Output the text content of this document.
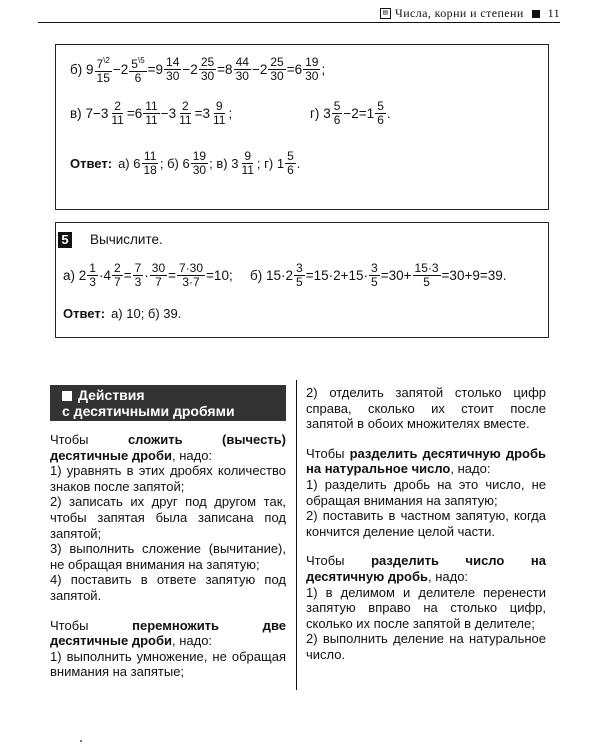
▤ Числа, корни и степени 11
б)
$9 \frac{7^{\backslash 2}}{15} -2 \frac{5^{\backslash 5}}{6} =9 \frac{14}{30} -2 \frac{25}{30} =8 \frac{44}{30} -2 \frac{25}{30} =6 \frac{19}{30}$ ;
в)
$7-3 \frac{2}{11} =6 \frac{11}{11} -3 \frac{2}{11} =3 \frac{9}{11}$ ;	г)
$3 \frac{5}{6} -2=1 \frac{5}{6}$ .
Ответ: а)
$6 \frac{11}{18}$ ;
б)
$6 \frac{19}{30}$ ;
в)
$3 \frac{9}{11}$ ;
г)
$1 \frac{5}{6}$ .
5 Вычислите.
а)
$2 \frac{1}{3} \cdot 4 \frac{2}{7} = \frac{7}{3} \cdot \frac{30}{7} = \frac{7\cdot 30}{3\cdot 7} =10$; б)
$15\cdot 2 \frac{3}{5} =15\cdot 2+15\cdot \frac{3}{5} =30+ \frac{15\cdot 3}{5} =30+9=39$.
Ответ: а) 10; б) 39.
Действия
с десятичными дробями

Чтобы	сложить (вычесть) десятичные дроби, надо:
1) уравнять в этих дробях количество знаков после запятой;
2) записать их друг под другом так, чтобы запятая была записана под запятой;
3) выполнить сложение (вычитание), не обращая внимания на запятую;
4) поставить в ответе запятую под запятой.

Чтобы	перемножить две десятичные дроби, надо:
1) выполнить умножение, не обращая внимания на запятые;

2) отделить запятой столько цифр справа, сколько их стоит после запятой в обоих множителях вместе.

Чтобы разделить десятичную дробь на натуральное число, надо:
1) разделить дробь на это число, не обращая внимания на запятую;
2) поставить в частном запятую, когда кончится деление целой части.

Чтобы разделить число на десятичную дробь, надо:
1) в делимом и делителе перенести запятую вправо на столько цифр, сколько их после запятой в делителе;
2) выполнить деление на натуральное число.
